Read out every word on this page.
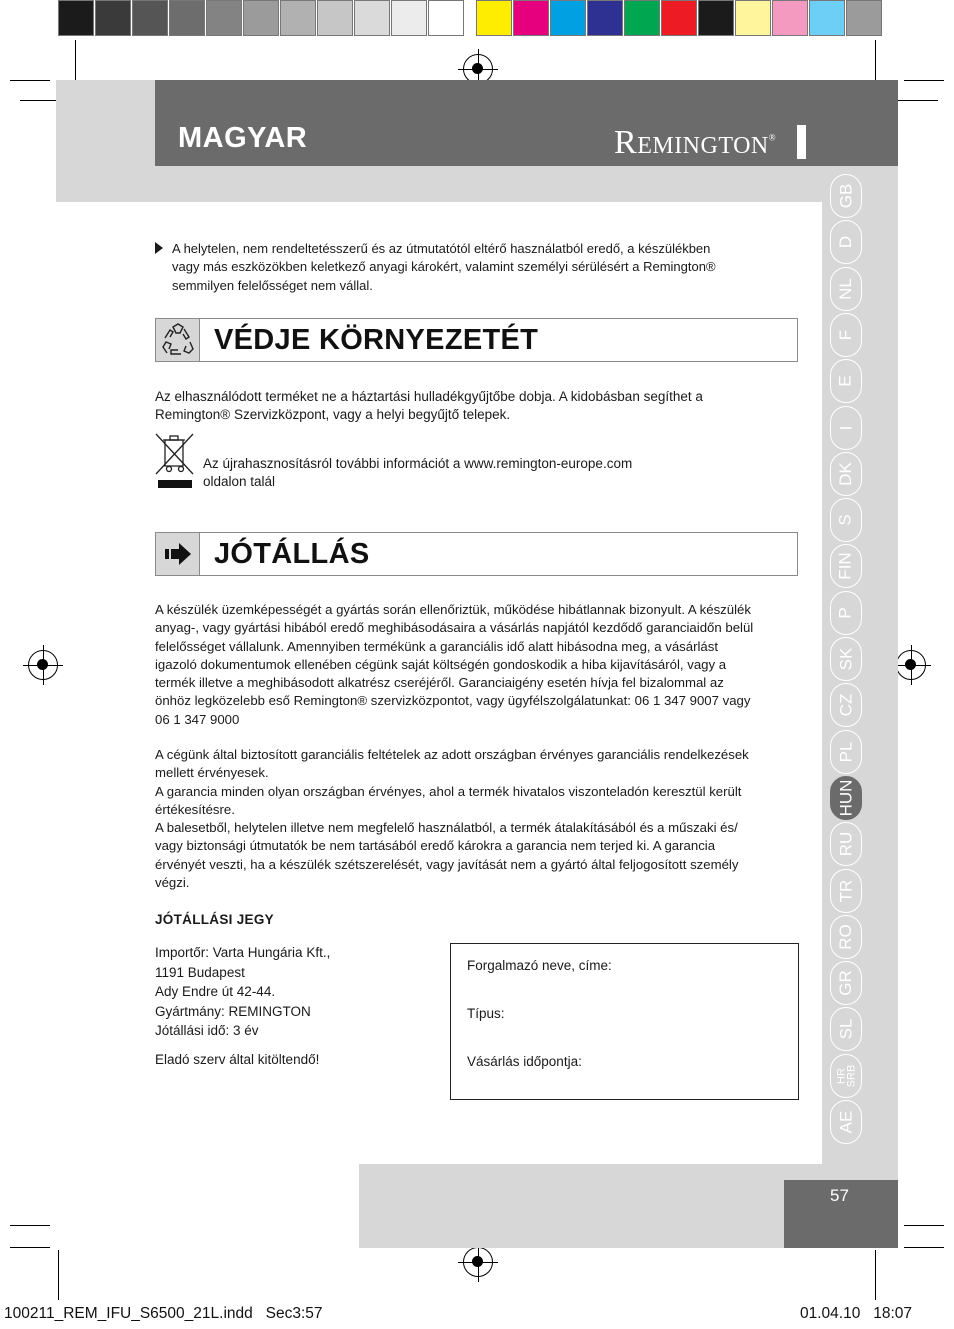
MAGYAR	REMINGTON®
GB
D
NL
F
E
I
DK
S
FIN
P
SK
CZ
PL
HUN
RU
TR
RO
GR
SL
HR
SRB
AE
57
A helytelen, nem rendeltetésszerű és az útmutatótól eltérő használatból eredő, a készülékben
vagy más eszközökben keletkező anyagi károkért, valamint személyi sérülésért a Remington®
semmilyen felelősséget nem vállal.
VÉDJE KÖRNYEZETÉT
Az elhasználódott terméket ne a háztartási hulladékgyűjtőbe dobja. A kidobásban segíthet a
Remington® Szervizközpont, vagy a helyi begyűjtő telepek.
Az újrahasznosításról további információt a www.remington-europe.com
oldalon talál
JÓTÁLLÁS
A készülék üzemképességét a gyártás során ellenőriztük, működése hibátlannak bizonyult. A készülék
anyag-, vagy gyártási hibából eredő meghibásodásaira a vásárlás napjától kezdődő garanciaidőn belül
felelősséget vállalunk. Amennyiben termékünk a garanciális idő alatt hibásodna meg, a vásárlást
igazoló dokumentumok ellenében cégünk saját költségén gondoskodik a hiba kijavításáról, vagy a
termék illetve a meghibásodott alkatrész cseréjéről. Garanciaigény esetén hívja fel bizalommal az
önhöz legközelebb eső Remington® szervizközpontot, vagy ügyfélszolgálatunkat: 06 1 347 9007 vagy
06 1 347 9000
A cégünk által biztosított garanciális feltételek az adott országban érvényes garanciális rendelkezések
mellett érvényesek.
A garancia minden olyan országban érvényes, ahol a termék hivatalos viszonteladón keresztül került
értékesítésre.
A balesetből, helytelen illetve nem megfelelő használatból, a termék átalakításából és a műszaki és/
vagy biztonsági útmutatók be nem tartásából eredő károkra a garancia nem terjed ki. A garancia
érvényét veszti, ha a készülék szétszerelését, vagy javítását nem a gyártó által feljogosított személy
végzi.
JÓTÁLLÁSI JEGY
Importőr: Varta Hungária Kft.,
1191 Budapest
Ady Endre út 42-44.
Gyártmány: REMINGTON
Jótállási idő: 3 év
Eladó szerv által kitöltendő!
Forgalmazó neve, címe:
Típus:
Vásárlás időpontja:
100211_REM_IFU_S6500_21L.indd   Sec3:57	01.04.10   18:07
